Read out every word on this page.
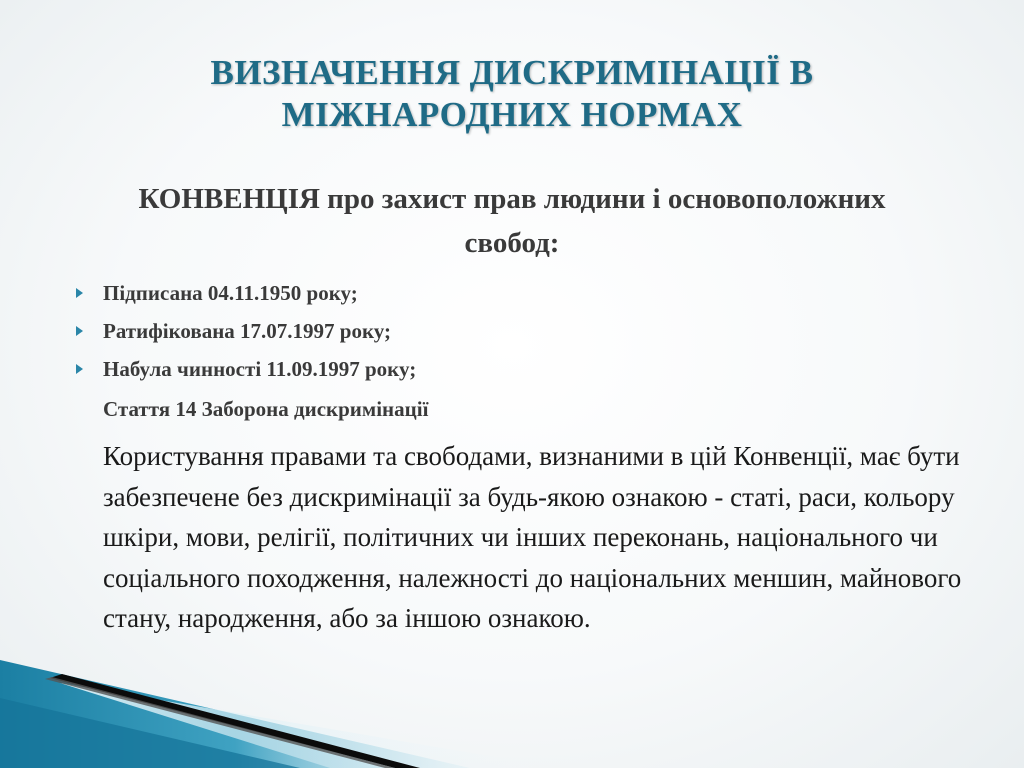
ВИЗНАЧЕННЯ ДИСКРИМІНАЦІЇ В
МІЖНАРОДНИХ НОРМАХ
КОНВЕНЦІЯ про захист прав людини і основоположних свобод:
Підписана 04.11.1950 року;
Ратифікована 17.07.1997 року;
Набула чинності 11.09.1997 року;
Стаття 14 Заборона дискримінації
Користування правами та свободами, визнаними в цій Конвенції, має бути забезпечене без дискримінації за будь-якою ознакою - статі, раси, кольору шкіри, мови, релігії, політичних чи інших переконань, національного чи соціального походження, належності до національних меншин, майнового стану, народження, або за іншою ознакою.
